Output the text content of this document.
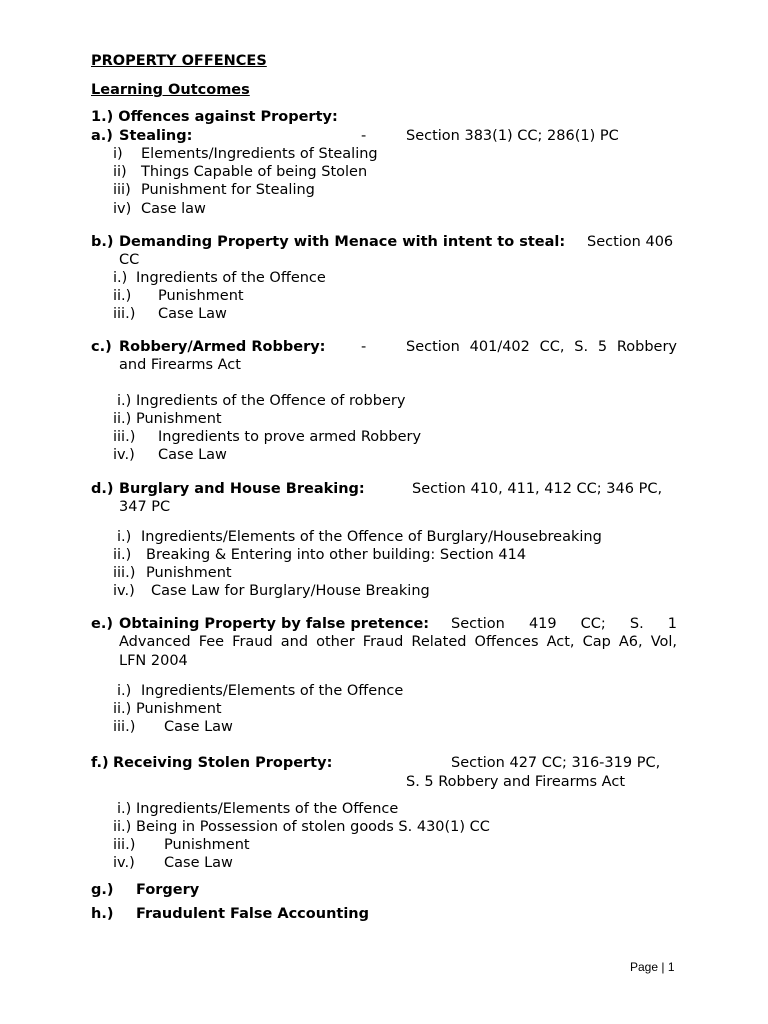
PROPERTY OFFENCES
Learning Outcomes
1.) Offences against Property:
a.) Stealing:	-	Section 383(1) CC; 286(1) PC
i) Elements/Ingredients of Stealing
ii) Things Capable of being Stolen
iii) Punishment for Stealing
iv) Case law
b.) Demanding Property with Menace with intent to steal: Section 406
CC
i.) Ingredients of the Offence
ii.) Punishment
iii.) Case Law
c.) Robbery/Armed Robbery: -	Section 401/402 CC, S. 5 Robbery
and Firearms Act
i.) Ingredients of the Offence of robbery
ii.) Punishment
iii.) Ingredients to prove armed Robbery
iv.) Case Law
d.) Burglary and House Breaking:	Section 410, 411, 412 CC; 346 PC,
347 PC
i.) Ingredients/Elements of the Offence of Burglary/Housebreaking
ii.) Breaking & Entering into other building: Section 414
iii.) Punishment
iv.) Case Law for Burglary/House Breaking
e.) Obtaining Property by false pretence: Section 419 CC; S. 1
Advanced Fee Fraud and other Fraud Related Offences Act, Cap A6, Vol,
LFN 2004
i.) Ingredients/Elements of the Offence
ii.) Punishment
iii.) Case Law
f.) Receiving Stolen Property:	Section 427 CC; 316-319 PC,
S. 5 Robbery and Firearms Act
i.) Ingredients/Elements of the Offence
ii.) Being in Possession of stolen goods S. 430(1) CC
iii.) Punishment
iv.) Case Law
g.) Forgery
h.) Fraudulent False Accounting
Page | 1
